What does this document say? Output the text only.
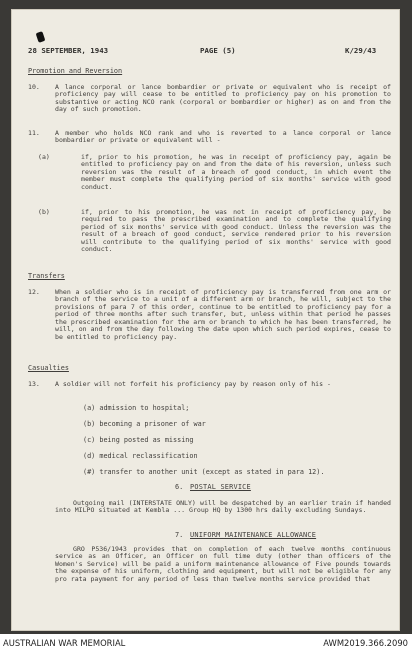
28 SEPTEMBER, 1943	PAGE (5)	K/29/43
Promotion and Reversion
10. A lance corporal or lance bombardier or private or equivalent who is receipt of proficiency pay will cease to be entitled to proficiency pay on his promotion to substantive or acting NCO rank (corporal or bombardier or higher) as on and from the day of such promotion.
11. A member who holds NCO rank and who is reverted to a lance corporal or lance bombardier or private or equivalent will -
(a)	if, prior to his promotion, he was in receipt of proficiency pay, again be entitled to proficiency pay on and from the date of his reversion, unless such reversion was the result of a breach of good conduct, in which event the member must complete the qualifying period of six months' service with good conduct.
(b)	if, prior to his promotion, he was not in receipt of proficiency pay, be required to pass the prescribed examination and to complete the qualifying period of six months' service with good conduct. Unless the reversion was the result of a breach of good conduct, service rendered prior to his reversion will contribute to the qualifying period of six months' service with good conduct.
Transfers
12. When a soldier who is in receipt of proficiency pay is transferred from one arm or branch of the service to a unit of a different arm or branch, he will, subject to the provisions of para 7 of this order, continue to be entitled to proficiency pay for a period of three months after such transfer, but, unless within that period he passes the prescribed examination for the arm or branch to which he has been transferred, he will, on and from the day following the date upon which such period expires, cease to be entitled to proficiency pay.
Casualties
13. A soldier will not forfeit his proficiency pay by reason only of his -
(a) admission to hospital;
(b) becoming a prisoner of war
(c) being posted as missing
(d) medical reclassification
(#) transfer to another unit (except as stated in para 12).
6. POSTAL SERVICE
Outgoing mail (INTERSTATE ONLY) will be despatched by an earlier train if handed into MILPO situated at Kembla ... Group HQ by 1300 hrs daily excluding Sundays.
7. UNIFORM MAINTENANCE ALLOWANCE
GRO P536/1943 provides that on completion of each twelve months continuous service as an Officer, an Officer on full time duty (other than officers of the Women's Service) will be paid a uniform maintenance allowance of Five pounds towards the expense of his uniform, clothing and equipment, but will not be eligible for any pro rata payment for any period of less than twelve months service provided that
AUSTRALIAN WAR MEMORIAL	AWM2019.366.2090
